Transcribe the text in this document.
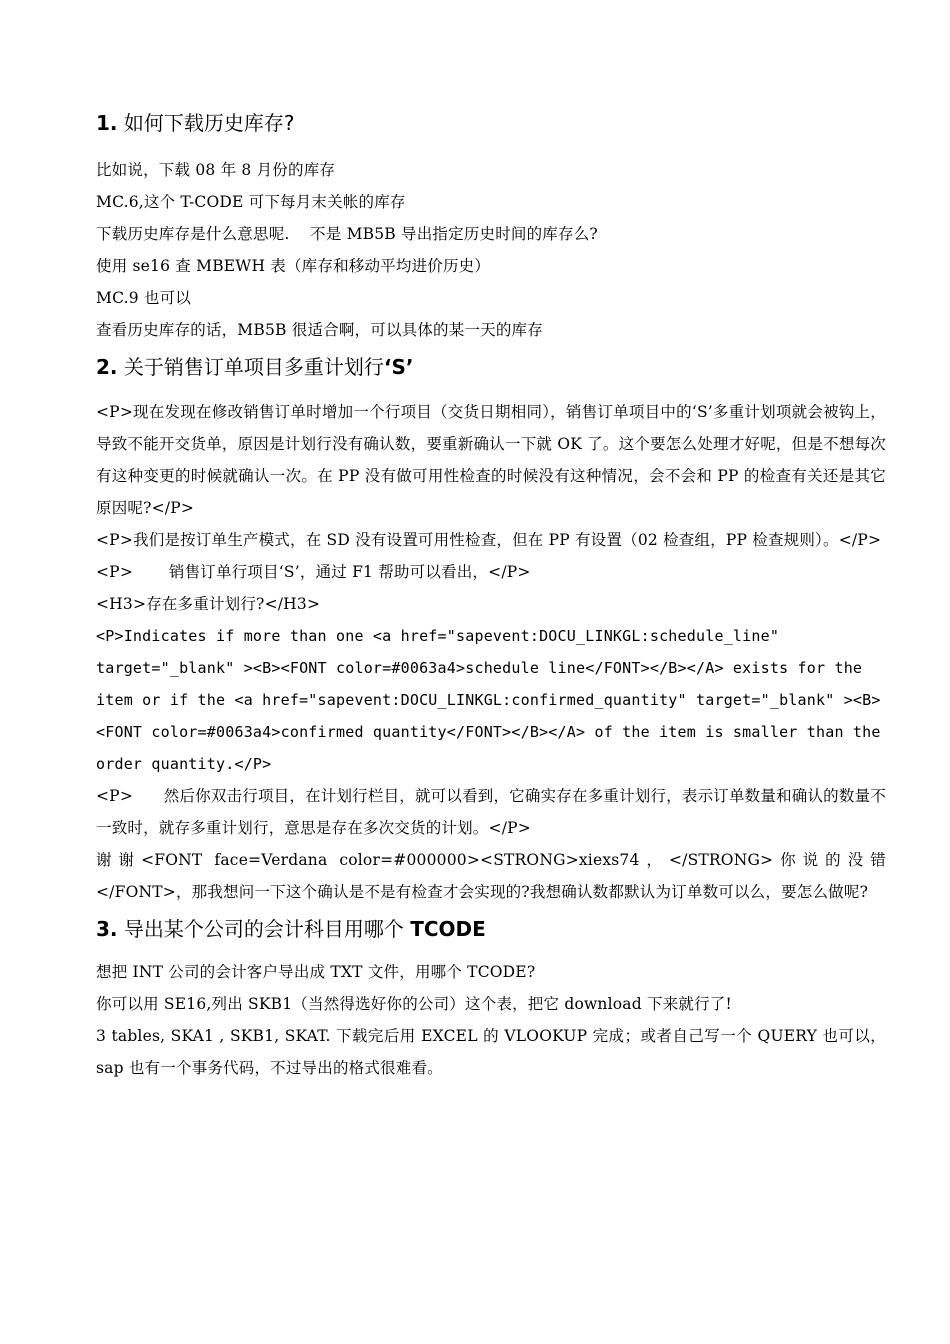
1. 如何下载历史库存?

比如说，下载 08 年 8 月份的库存

MC.6,这个 T-CODE 可下每月末关帐的库存

下载历史库存是什么意思呢.    不是 MB5B 导出指定历史时间的库存么?

使用 se16 查 MBEWH 表（库存和移动平均进价历史）

MC.9 也可以

查看历史库存的话，MB5B 很适合啊，可以具体的某一天的库存

2. 关于销售订单项目多重计划行‘S’

<P>现在发现在修改销售订单时增加一个行项目（交货日期相同），销售订单项目中的‘S’多重计划项就会被钩上，导致不能开交货单，原因是计划行没有确认数，要重新确认一下就 OK 了。这个要怎么处理才好呢，但是不想每次有这种变更的时候就确认一次。在 PP 没有做可用性检查的时候没有这种情况，会不会和 PP 的检查有关还是其它原因呢?</P>

<P>我们是按订单生产模式，在 SD 没有设置可用性检查，但在 PP 有设置（02 检查组，PP 检查规则）。</P>

<P>       销售订单行项目‘S’，通过 F1 帮助可以看出，</P>

<H3>存在多重计划行?</H3>

<P>Indicates if more than one <a href="sapevent:DOCU_LINKGL:schedule_line" target="_blank" ><B><FONT color=#0063a4>schedule line</FONT></B></A> exists for the item or if the <a href="sapevent:DOCU_LINKGL:confirmed_quantity" target="_blank" ><B><FONT color=#0063a4>confirmed quantity</FONT></B></A> of the item is smaller than the order quantity.</P>

<P>      然后你双击行项目，在计划行栏目，就可以看到，它确实存在多重计划行，表示订单数量和确认的数量不一致时，就存多重计划行，意思是存在多次交货的计划。</P>

谢谢<FONT face=Verdana color=#000000><STRONG>xiexs74，</STRONG>你说的没错</FONT>，那我想问一下这个确认是不是有检查才会实现的?我想确认数都默认为订单数可以么，要怎么做呢?

3. 导出某个公司的会计科目用哪个 TCODE

想把 INT 公司的会计客户导出成 TXT 文件，用哪个 TCODE?

你可以用 SE16,列出 SKB1（当然得选好你的公司）这个表，把它 download 下来就行了!

3 tables, SKA1 , SKB1, SKAT. 下载完后用 EXCEL 的 VLOOKUP 完成；或者自己写一个 QUERY 也可以，sap 也有一个事务代码，不过导出的格式很难看。
